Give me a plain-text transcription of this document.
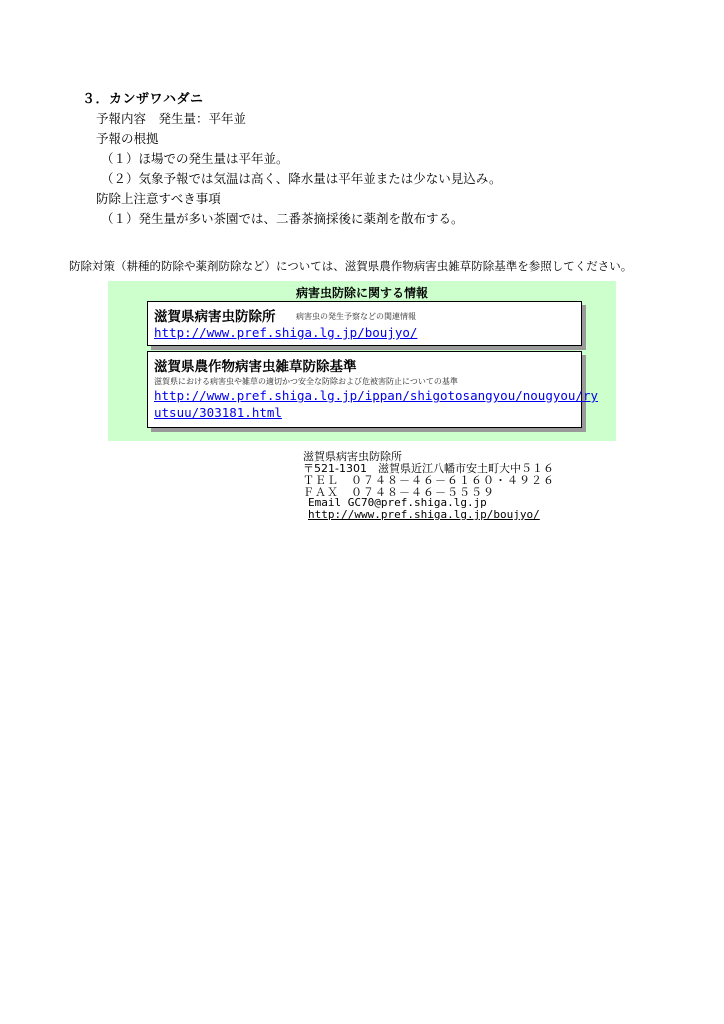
３．カンザワハダニ
予報内容　発生量：平年並
予報の根拠
（１）ほ場での発生量は平年並。
（２）気象予報では気温は高く、降水量は平年並または少ない見込み。
防除上注意すべき事項
（１）発生量が多い茶園では、二番茶摘採後に薬剤を散布する。
防除対策（耕種的防除や薬剤防除など）については、滋賀県農作物病害虫雑草防除基準を参照してください。
病害虫防除に関する情報
滋賀県病害虫防除所	病害虫の発生予察などの関連情報
http://www.pref.shiga.lg.jp/boujyo/
滋賀県農作物病害虫雑草防除基準
滋賀県における病害虫や雑草の適切かつ安全な防除および危被害防止についての基準
http://www.pref.shiga.lg.jp/ippan/shigotosangyou/nougyou/ry
utsuu/303181.html
滋賀県病害虫防除所
〒521-1301　滋賀県近江八幡市安土町大中５１６
ＴＥＬ　０７４８－４６－６１６０・４９２６
ＦＡＸ　０７４８－４６－５５５９
Email GC70@pref.shiga.lg.jp
http://www.pref.shiga.lg.jp/boujyo/
